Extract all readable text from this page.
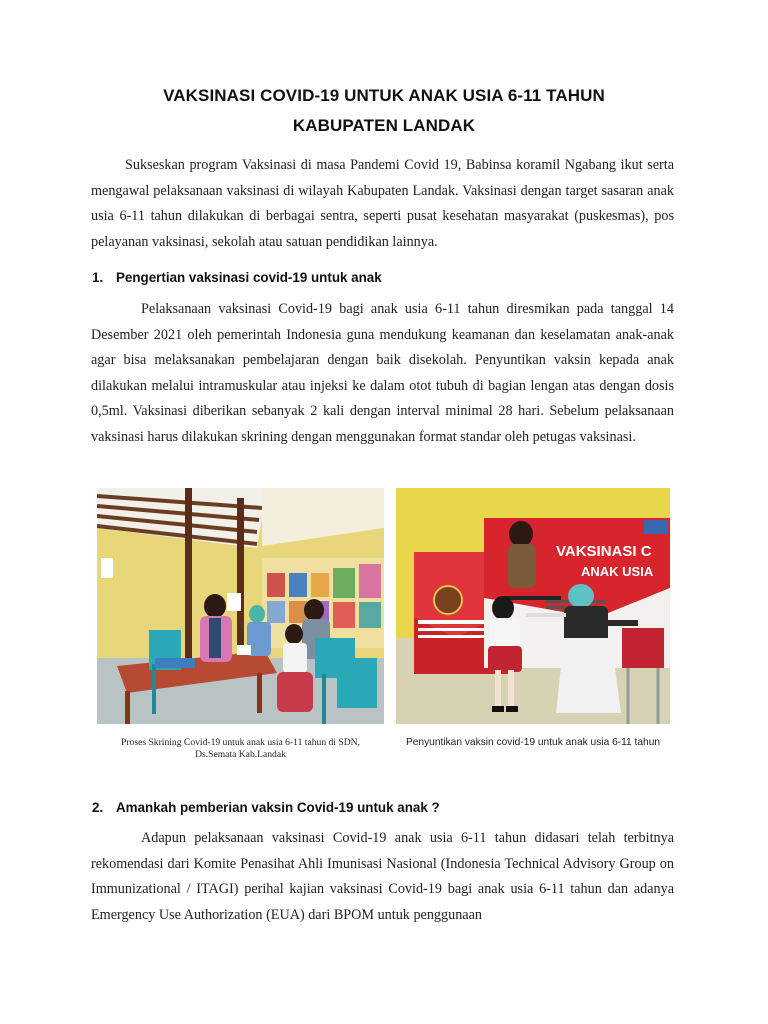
VAKSINASI COVID-19 UNTUK ANAK USIA 6-11 TAHUN
KABUPATEN LANDAK

Sukseskan program Vaksinasi di masa Pandemi Covid 19, Babinsa koramil Ngabang ikut serta mengawal pelaksanaan vaksinasi di wilayah Kabupaten Landak. Vaksinasi dengan target sasaran anak usia 6-11 tahun dilakukan di berbagai sentra, seperti pusat kesehatan masyarakat (puskesmas), pos pelayanan vaksinasi, sekolah atau satuan pendidikan lainnya.

1. Pengertian vaksinasi covid-19 untuk anak

Pelaksanaan vaksinasi Covid-19 bagi anak usia 6-11 tahun diresmikan pada tanggal 14 Desember 2021 oleh pemerintah Indonesia guna mendukung keamanan dan keselamatan anak-anak agar bisa melaksanakan pembelajaran dengan baik disekolah. Penyuntikan vaksin kepada anak dilakukan melalui intramuskular atau injeksi ke dalam otot tubuh di bagian lengan atas dengan dosis 0,5ml. Vaksinasi diberikan sebanyak 2 kali dengan interval minimal 28 hari. Sebelum pelaksanaan vaksinasi harus dilakukan skrining dengan menggunakan format standar oleh petugas vaksinasi.

VAKSINASI C
ANAK USIA
Proses Skrining Covid-19 untuk anak usia 6-11 tahun di SDN,
Ds.Semata Kab.Landak
Penyuntikan vaksin covid-19 untuk anak usia 6-11 tahun
2. Amankah pemberian vaksin Covid-19 untuk anak ?

Adapun pelaksanaan vaksinasi Covid-19 anak usia 6-11 tahun didasari telah terbitnya rekomendasi dari Komite Penasihat Ahli Imunisasi Nasional (Indonesia Technical Advisory Group on Immunizational / ITAGI) perihal kajian vaksinasi Covid-19 bagi anak usia 6-11 tahun dan adanya Emergency Use Authorization (EUA) dari BPOM untuk penggunaan
